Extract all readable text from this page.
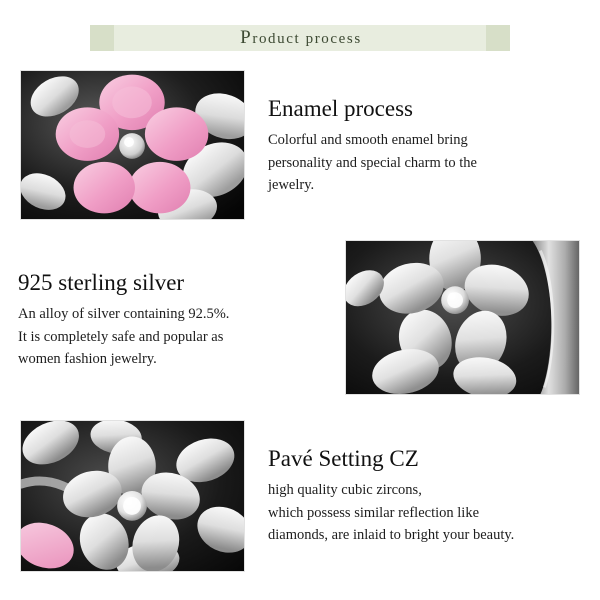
Product process
Enamel process

Colorful and smooth enamel bring
personality and special charm to the
jewelry.

925 sterling silver

An alloy of silver containing 92.5%.
It is completely safe and popular as
women fashion jewelry.

Pavé Setting CZ

high quality cubic zircons,
which possess similar reflection like
diamonds, are inlaid to bright your beauty.
